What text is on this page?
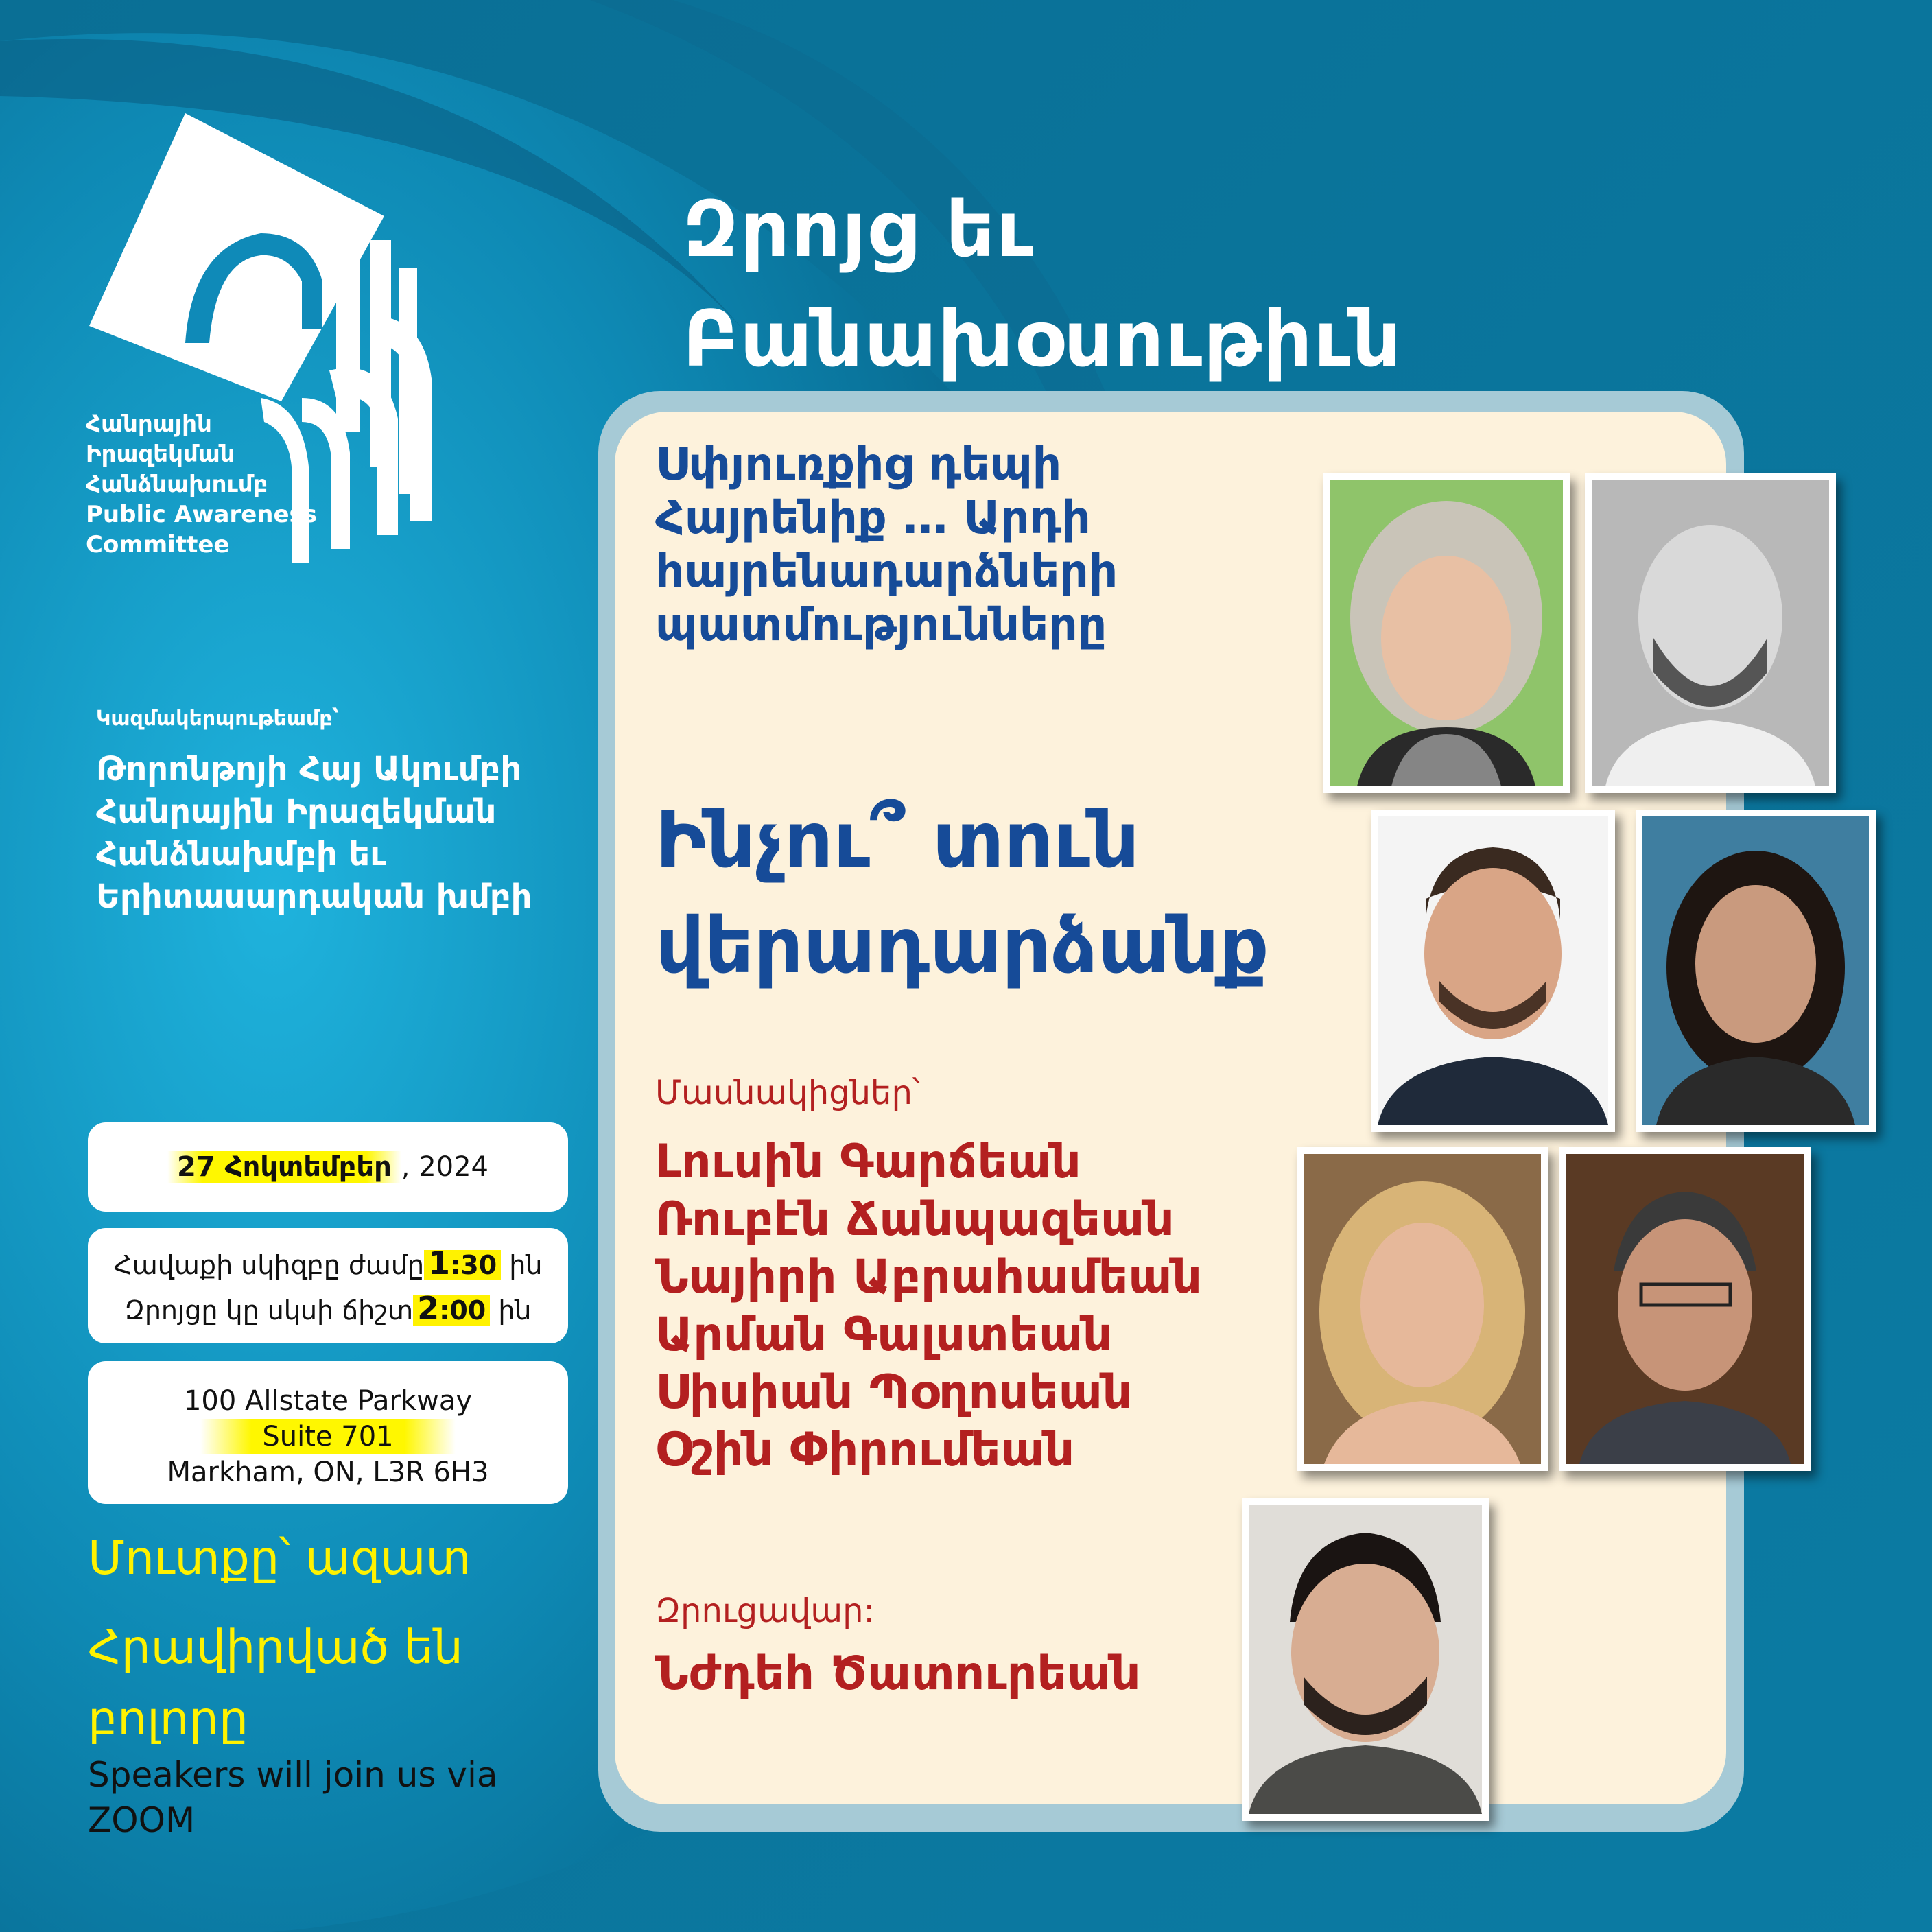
Հանրային
Իրազեկման
Հանձնախումբ
Public Awareness
Committee
Զրոյց եւ
Բանախօսութիւն
Կազմակերպութեամբ՝
Թորոնթոյի Հայ Ակումբի Հանրային Իրազեկման Հանձնախմբի եւ Երիտասարդական խմբի
27 Հոկտեմբեր , 2024
Հավաքի սկիզբը ժամը 1:30 ին
Զրոյցը կը սկսի ճիշտ 2:00 ին
100 Allstate Parkway
Suite 701
Markham, ON, L3R 6H3
Մուտքը՝ ազատ
Հրավիրված են բոլորը
Speakers will join us via ZOOM
Սփյուռքից դեպի Հայրենիք … Արդի հայրենադարձների պատմությունները
Ինչու՞ տուն վերադարձանք
Մասնակիցներ՝
Լուսին Գարճեան
Ռուբէն Ճանպազեան
Նայիրի Աբրահամեան
Արման Գալստեան
Սիսիան Պօղոսեան
Օշին Փիրումեան
Զրուցավար:
Նժդեհ Ծատուրեան
